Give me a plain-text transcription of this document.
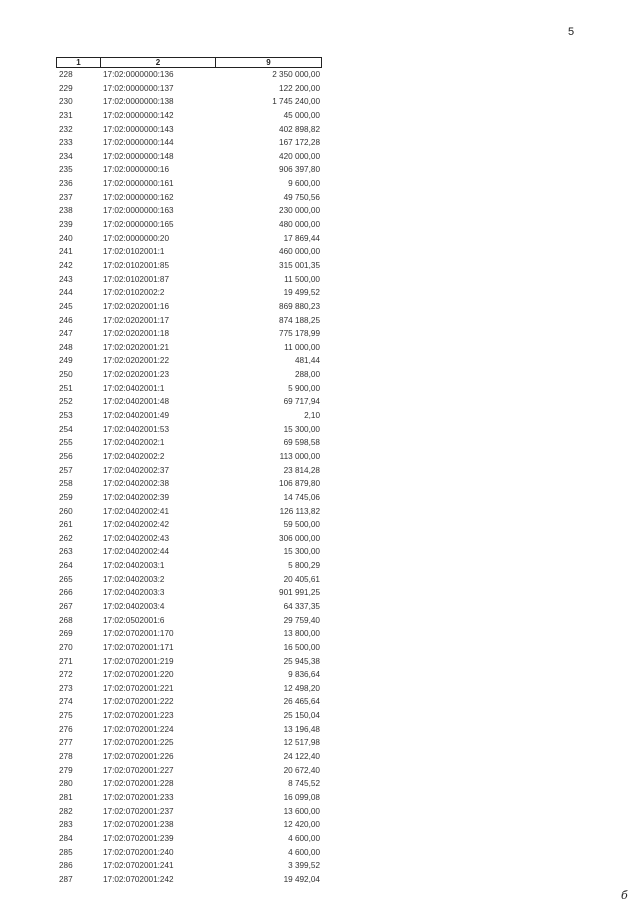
5
1	2	9
228	17:02:0000000:136	2 350 000,00
229	17:02:0000000:137	122 200,00
230	17:02:0000000:138	1 745 240,00
231	17:02:0000000:142	45 000,00
232	17:02:0000000:143	402 898,82
233	17:02:0000000:144	167 172,28
234	17:02:0000000:148	420 000,00
235	17:02:0000000:16	906 397,80
236	17:02:0000000:161	9 600,00
237	17:02:0000000:162	49 750,56
238	17:02:0000000:163	230 000,00
239	17:02:0000000:165	480 000,00
240	17:02:0000000:20	17 869,44
241	17:02:0102001:1	460 000,00
242	17:02:0102001:85	315 001,35
243	17:02:0102001:87	11 500,00
244	17:02:0102002:2	19 499,52
245	17:02:0202001:16	869 880,23
246	17:02:0202001:17	874 188,25
247	17:02:0202001:18	775 178,99
248	17:02:0202001:21	11 000,00
249	17:02:0202001:22	481,44
250	17:02:0202001:23	288,00
251	17:02:0402001:1	5 900,00
252	17:02:0402001:48	69 717,94
253	17:02:0402001:49	2,10
254	17:02:0402001:53	15 300,00
255	17:02:0402002:1	69 598,58
256	17:02:0402002:2	113 000,00
257	17:02:0402002:37	23 814,28
258	17:02:0402002:38	106 879,80
259	17:02:0402002:39	14 745,06
260	17:02:0402002:41	126 113,82
261	17:02:0402002:42	59 500,00
262	17:02:0402002:43	306 000,00
263	17:02:0402002:44	15 300,00
264	17:02:0402003:1	5 800,29
265	17:02:0402003:2	20 405,61
266	17:02:0402003:3	901 991,25
267	17:02:0402003:4	64 337,35
268	17:02:0502001:6	29 759,40
269	17:02:0702001:170	13 800,00
270	17:02:0702001:171	16 500,00
271	17:02:0702001:219	25 945,38
272	17:02:0702001:220	9 836,64
273	17:02:0702001:221	12 498,20
274	17:02:0702001:222	26 465,64
275	17:02:0702001:223	25 150,04
276	17:02:0702001:224	13 196,48
277	17:02:0702001:225	12 517,98
278	17:02:0702001:226	24 122,40
279	17:02:0702001:227	20 672,40
280	17:02:0702001:228	8 745,52
281	17:02:0702001:233	16 099,08
282	17:02:0702001:237	13 600,00
283	17:02:0702001:238	12 420,00
284	17:02:0702001:239	4 600,00
285	17:02:0702001:240	4 600,00
286	17:02:0702001:241	3 399,52
287	17:02:0702001:242	19 492,04
б
